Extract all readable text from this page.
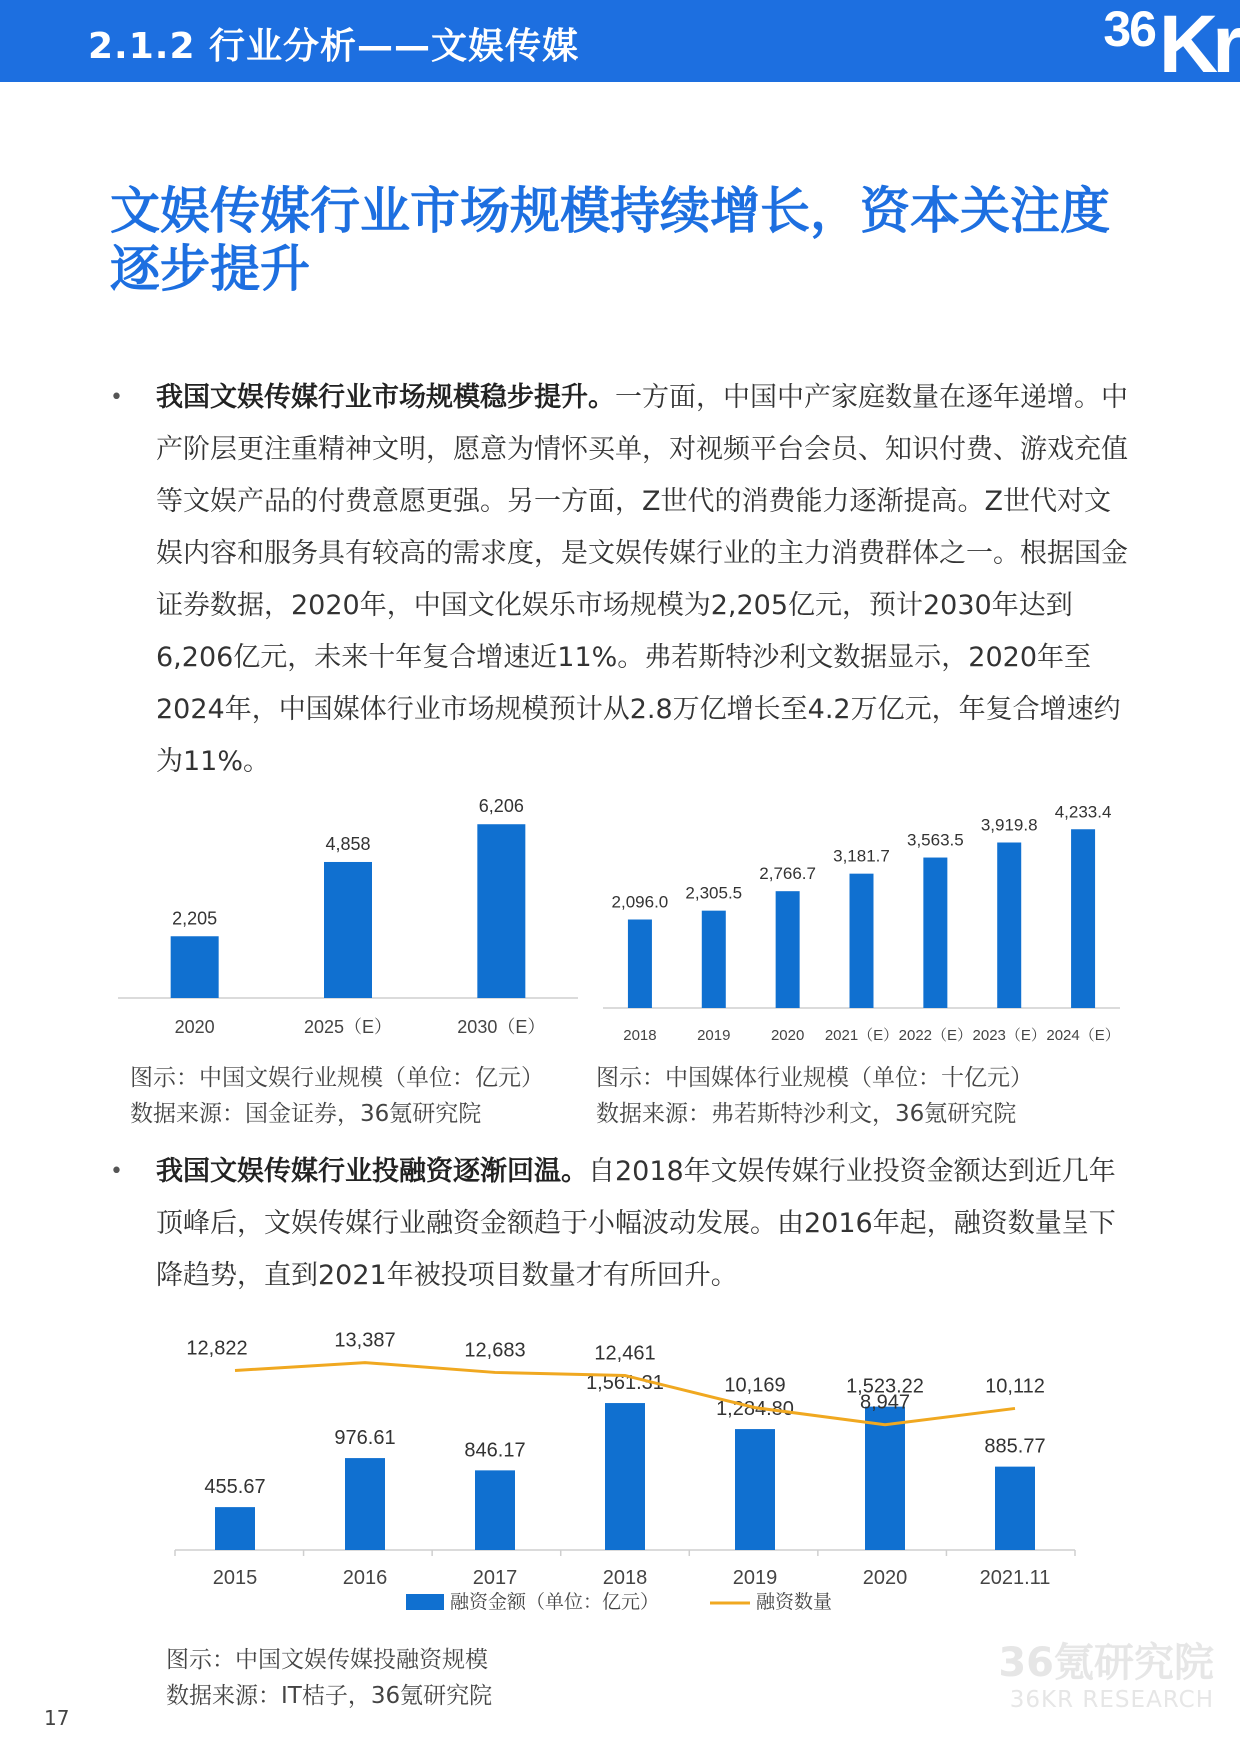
2.1.2 行业分析——文娱传媒	36 Kr
文娱传媒行业市场规模持续增长，资本关注度逐步提升
• 我国文娱传媒行业市场规模稳步提升。一方面，中国中产家庭数量在逐年递增。中产阶层更注重精神文明，愿意为情怀买单，对视频平台会员、知识付费、游戏充值等文娱产品的付费意愿更强。另一方面，Z世代的消费能力逐渐提高。Z世代对文娱内容和服务具有较高的需求度，是文娱传媒行业的主力消费群体之一。根据国金证券数据，2020年，中国文化娱乐市场规模为2,205亿元，预计2030年达到6,206亿元，未来十年复合增速近11%。弗若斯特沙利文数据显示，2020年至2024年，中国媒体行业市场规模预计从2.8万亿增长至4.2万亿元，年复合增速约为11%。
2,205
2020
4,858
2025（E）
6,206
2030（E）
2,096.0
2018
2,305.5
2019
2,766.7
2020
3,181.7
2021（E）
3,563.5
2022（E）
3,919.8
2023（E）
4,233.4
2024（E）
图示：中国文娱行业规模（单位：亿元）
数据来源：国金证券，36氪研究院
图示：中国媒体行业规模（单位：十亿元）
数据来源：弗若斯特沙利文，36氪研究院
• 我国文娱传媒行业投融资逐渐回温。自2018年文娱传媒行业投资金额达到近几年顶峰后，文娱传媒行业融资金额趋于小幅波动发展。由2016年起，融资数量呈下降趋势，直到2021年被投项目数量才有所回升。
455.67
2015
976.61
2016
846.17
2017
1,561.31
2018
1,284.80
2019
1,523.22
2020
885.77
2021.11
12,822	13,387	12,683	12,461
10,169
8,947
10,112
融资金额（单位：亿元）	融资数量
图示：中国文娱传媒投融资规模
数据来源：IT桔子，36氪研究院
17
36氪研究院
36KR RESEARCH
